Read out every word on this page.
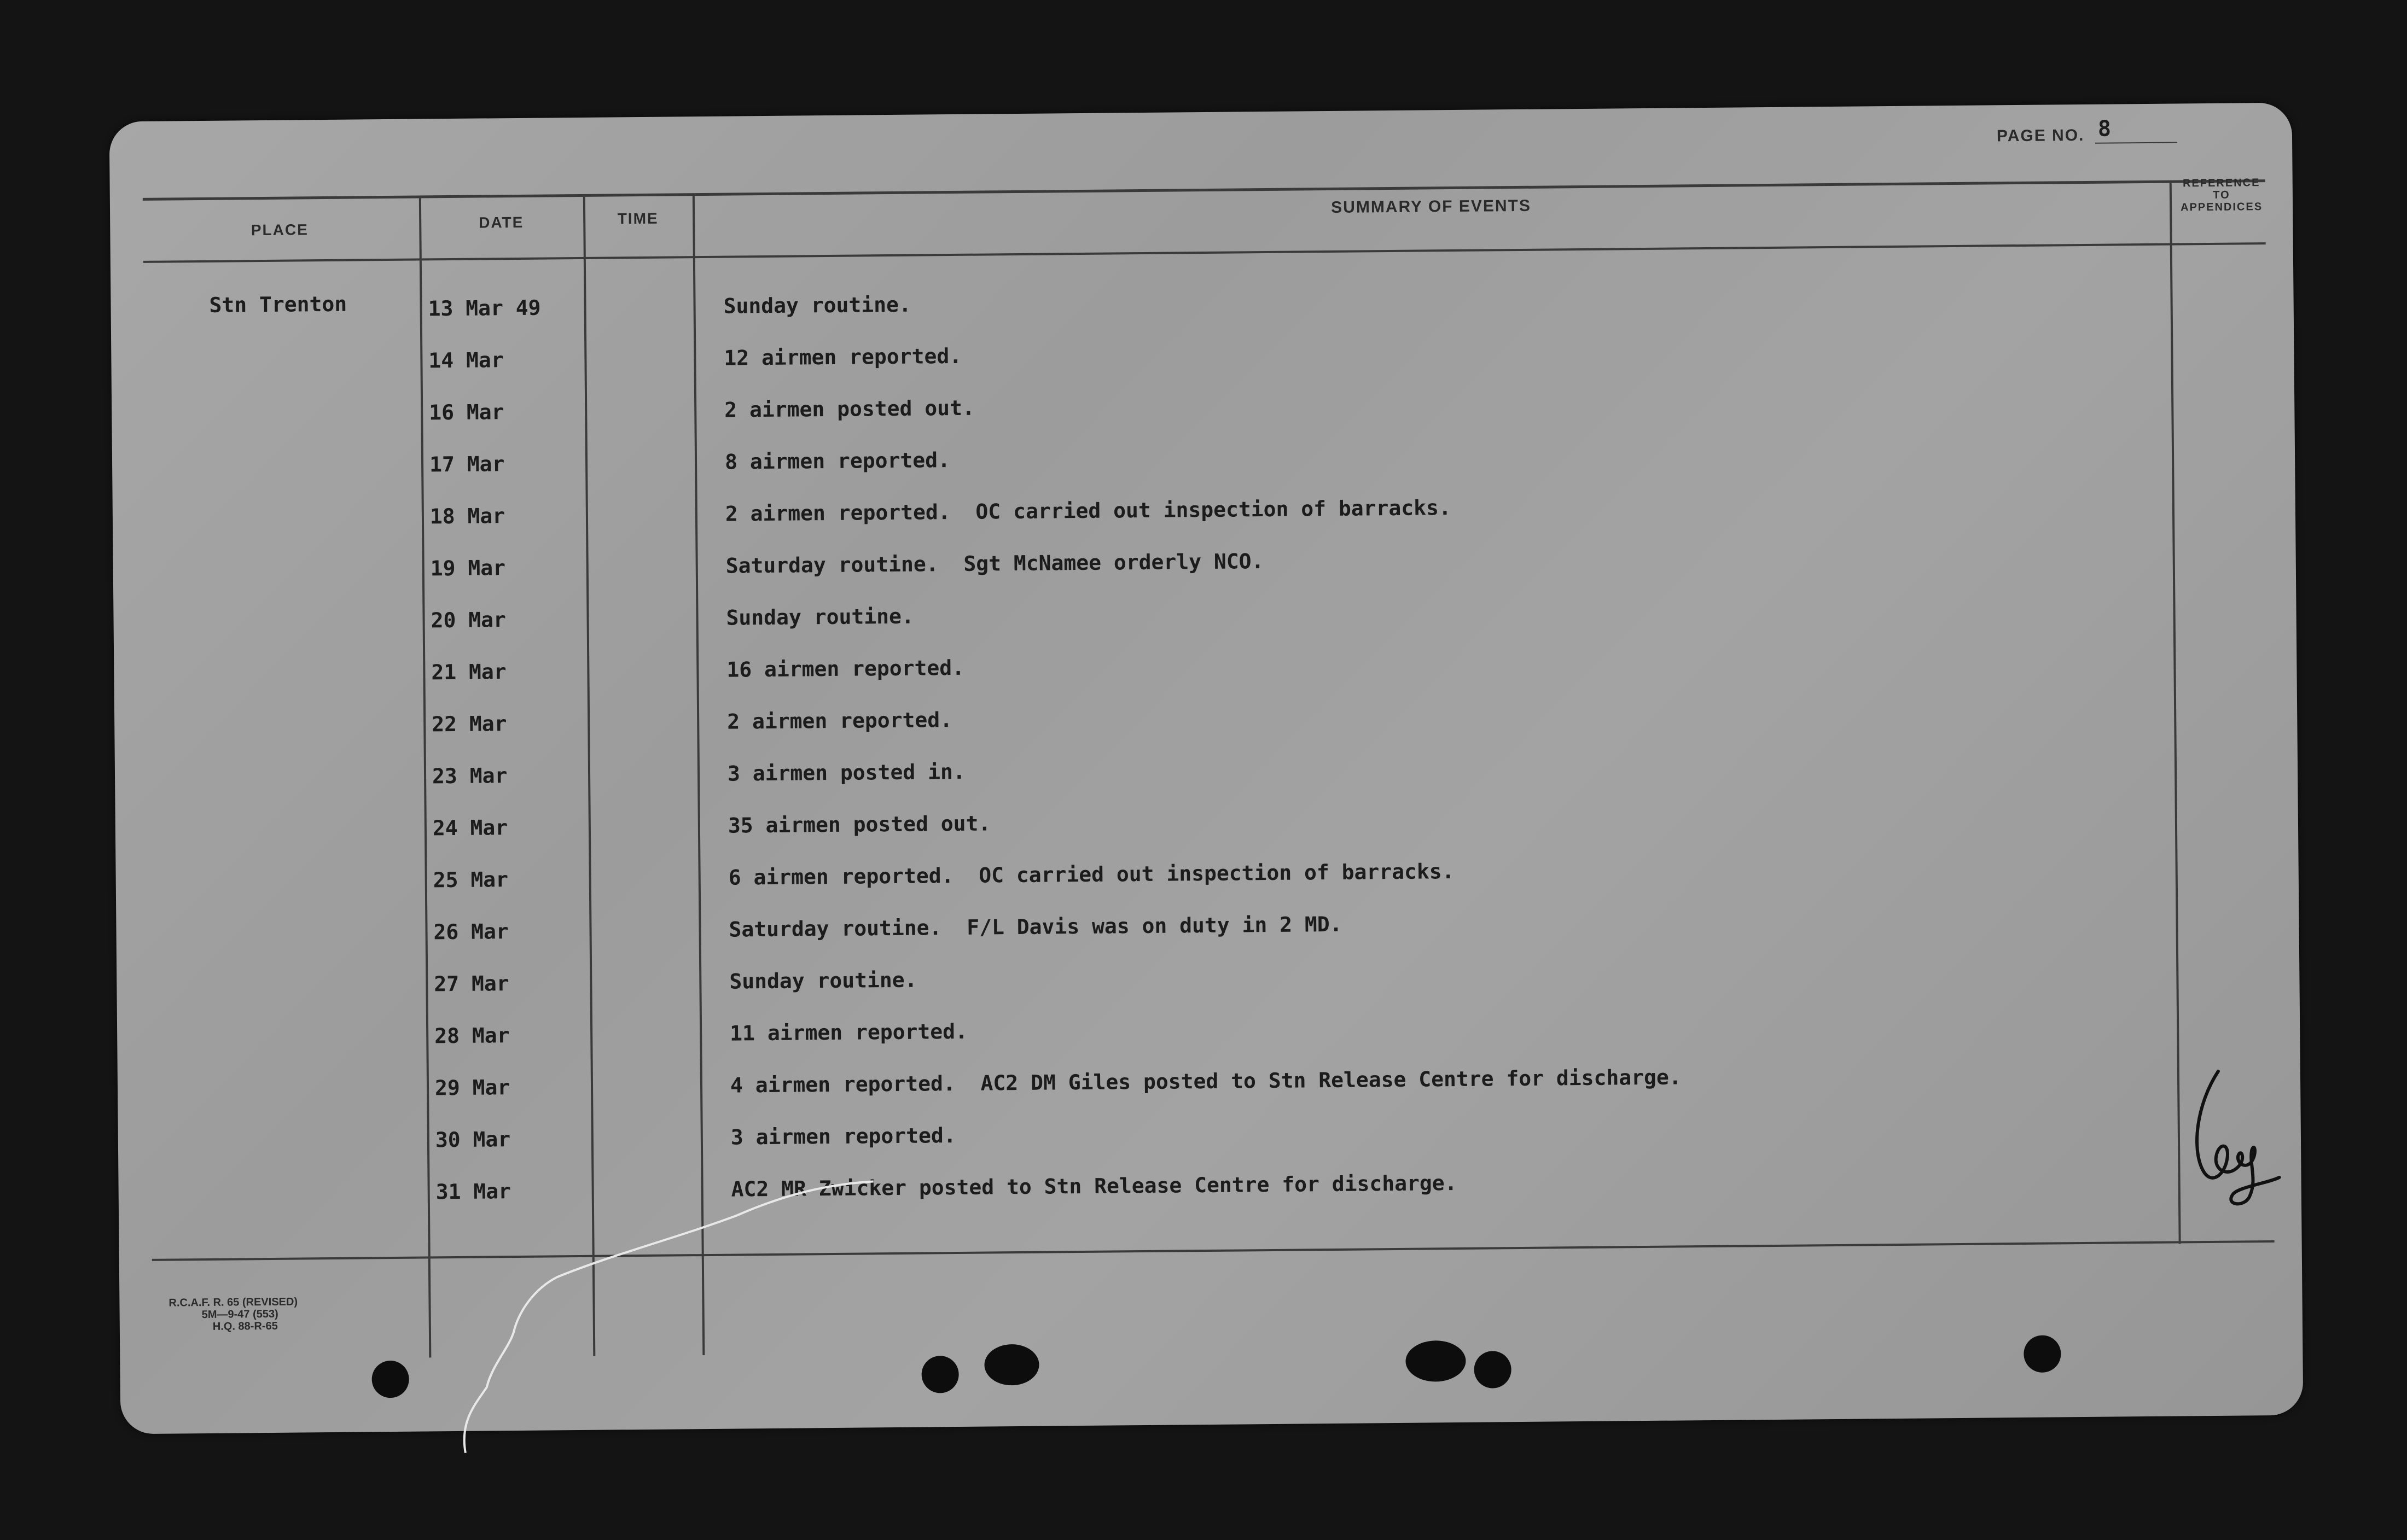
PAGE NO. 8
PLACE	DATE	TIME
SUMMARY OF EVENTS
REFERENCE TO APPENDICES
Stn Trenton	13 Mar 49	Sunday routine.
14 Mar	12 airmen reported.
16 Mar	2 airmen posted out.
17 Mar	8 airmen reported.
18 Mar	2 airmen reported.  OC carried out inspection of barracks.
19 Mar	Saturday routine.  Sgt McNamee orderly NCO.
20 Mar	Sunday routine.
21 Mar	16 airmen reported.
22 Mar	2 airmen reported.
23 Mar	3 airmen posted in.
24 Mar	35 airmen posted out.
25 Mar	6 airmen reported.  OC carried out inspection of barracks.
26 Mar	Saturday routine.  F/L Davis was on duty in 2 MD.
27 Mar	Sunday routine.
28 Mar	11 airmen reported.
29 Mar	4 airmen reported.  AC2 DM Giles posted to Stn Release Centre for discharge.
30 Mar	3 airmen reported.
31 Mar	AC2 MR Zwicker posted to Stn Release Centre for discharge.
Gig
R.C.A.F. R. 65 (REVISED)
5M—9-47 (553)
H.Q. 88-R-65
